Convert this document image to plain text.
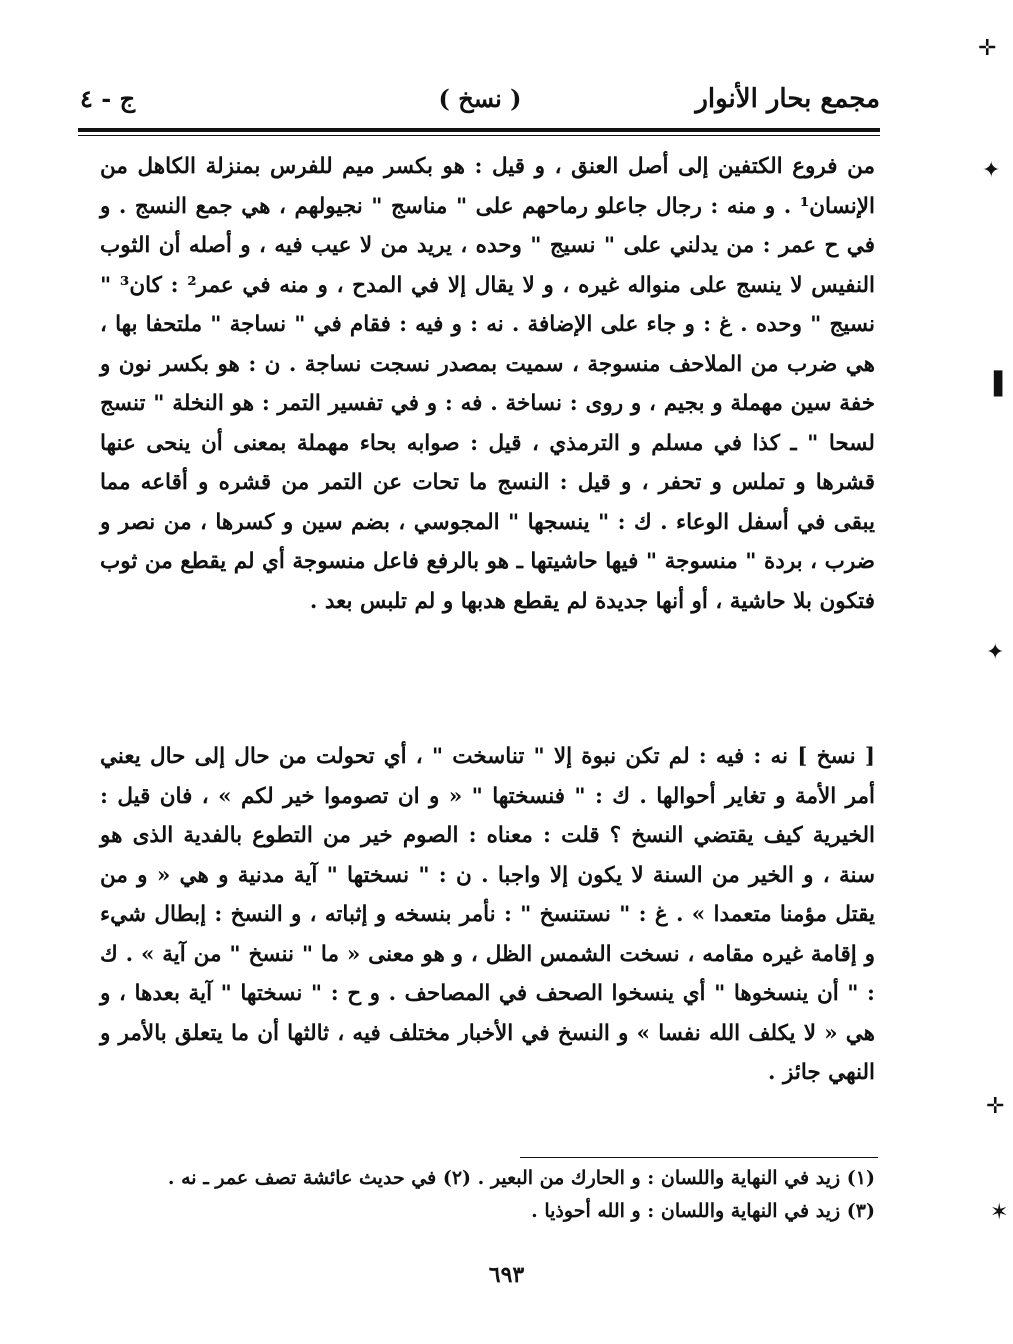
مجمع بحار الأنوار
( نسخ )
ج - ٤
من فروع الكتفين إلى أصل العنق ، و قيل : هو بكسر ميم للفرس بمنزلة الكاهل من الإنسان¹ . و منه : رجال جاعلو رماحهم على " مناسج " نجيولهم ، هي جمع النسج . و في ح عمر : من يدلني على " نسيج " وحده ، يريد من لا عيب فيه ، و أصله أن الثوب النفيس لا ينسج على منواله غيره ، و لا يقال إلا في المدح ، و منه في عمر² : كان³ " نسيج " وحده . غ : و جاء على الإضافة . نه : و فيه : فقام في " نساجة " ملتحفا بها ، هي ضرب من الملاحف منسوجة ، سميت بمصدر نسجت نساجة . ن : هو بكسر نون و خفة سين مهملة و بجيم ، و روى : نساخة . فه : و في تفسير التمر : هو النخلة " تنسج لسحا " ـ كذا في مسلم و الترمذي ، قيل : صوابه بحاء مهملة بمعنى أن ينحى عنها قشرها و تملس و تحفر ، و قيل : النسج ما تحات عن التمر من قشره و أقاعه مما يبقى في أسفل الوعاء . ك : " ينسجها " المجوسي ، بضم سين و كسرها ، من نصر و ضرب ، بردة " منسوجة " فيها حاشيتها ـ هو بالرفع فاعل منسوجة أي لم يقطع من ثوب فتكون بلا حاشية ، أو أنها جديدة لم يقطع هدبها و لم تلبس بعد .
[ نسخ ] نه : فيه : لم تكن نبوة إلا " تناسخت " ، أي تحولت من حال إلى حال يعني أمر الأمة و تغاير أحوالها . ك : " فنسختها " « و ان تصوموا خير لكم » ، فان قيل : الخيرية كيف يقتضي النسخ ؟ قلت : معناه : الصوم خير من التطوع بالفدية الذى هو سنة ، و الخير من السنة لا يكون إلا واجبا . ن : " نسختها " آية مدنية و هي « و من يقتل مؤمنا متعمدا » . غ : " نستنسخ " : نأمر بنسخه و إثباته ، و النسخ : إبطال شيء و إقامة غيره مقامه ، نسخت الشمس الظل ، و هو معنى « ما " ننسخ " من آية » . ك : " أن ينسخوها " أي ينسخوا الصحف في المصاحف . و ح : " نسختها " آية بعدها ، و هي « لا يكلف الله نفسا » و النسخ في الأخبار مختلف فيه ، ثالثها أن ما يتعلق بالأمر و النهي جائز .
(١) زيد في النهاية واللسان : و الحارك من البعير . (٢) في حديث عائشة تصف عمر ـ نه .
(٣) زيد في النهاية واللسان : و الله أحوذيا .
٦٩٣
✛
✦
▌
✦
✛
✶
